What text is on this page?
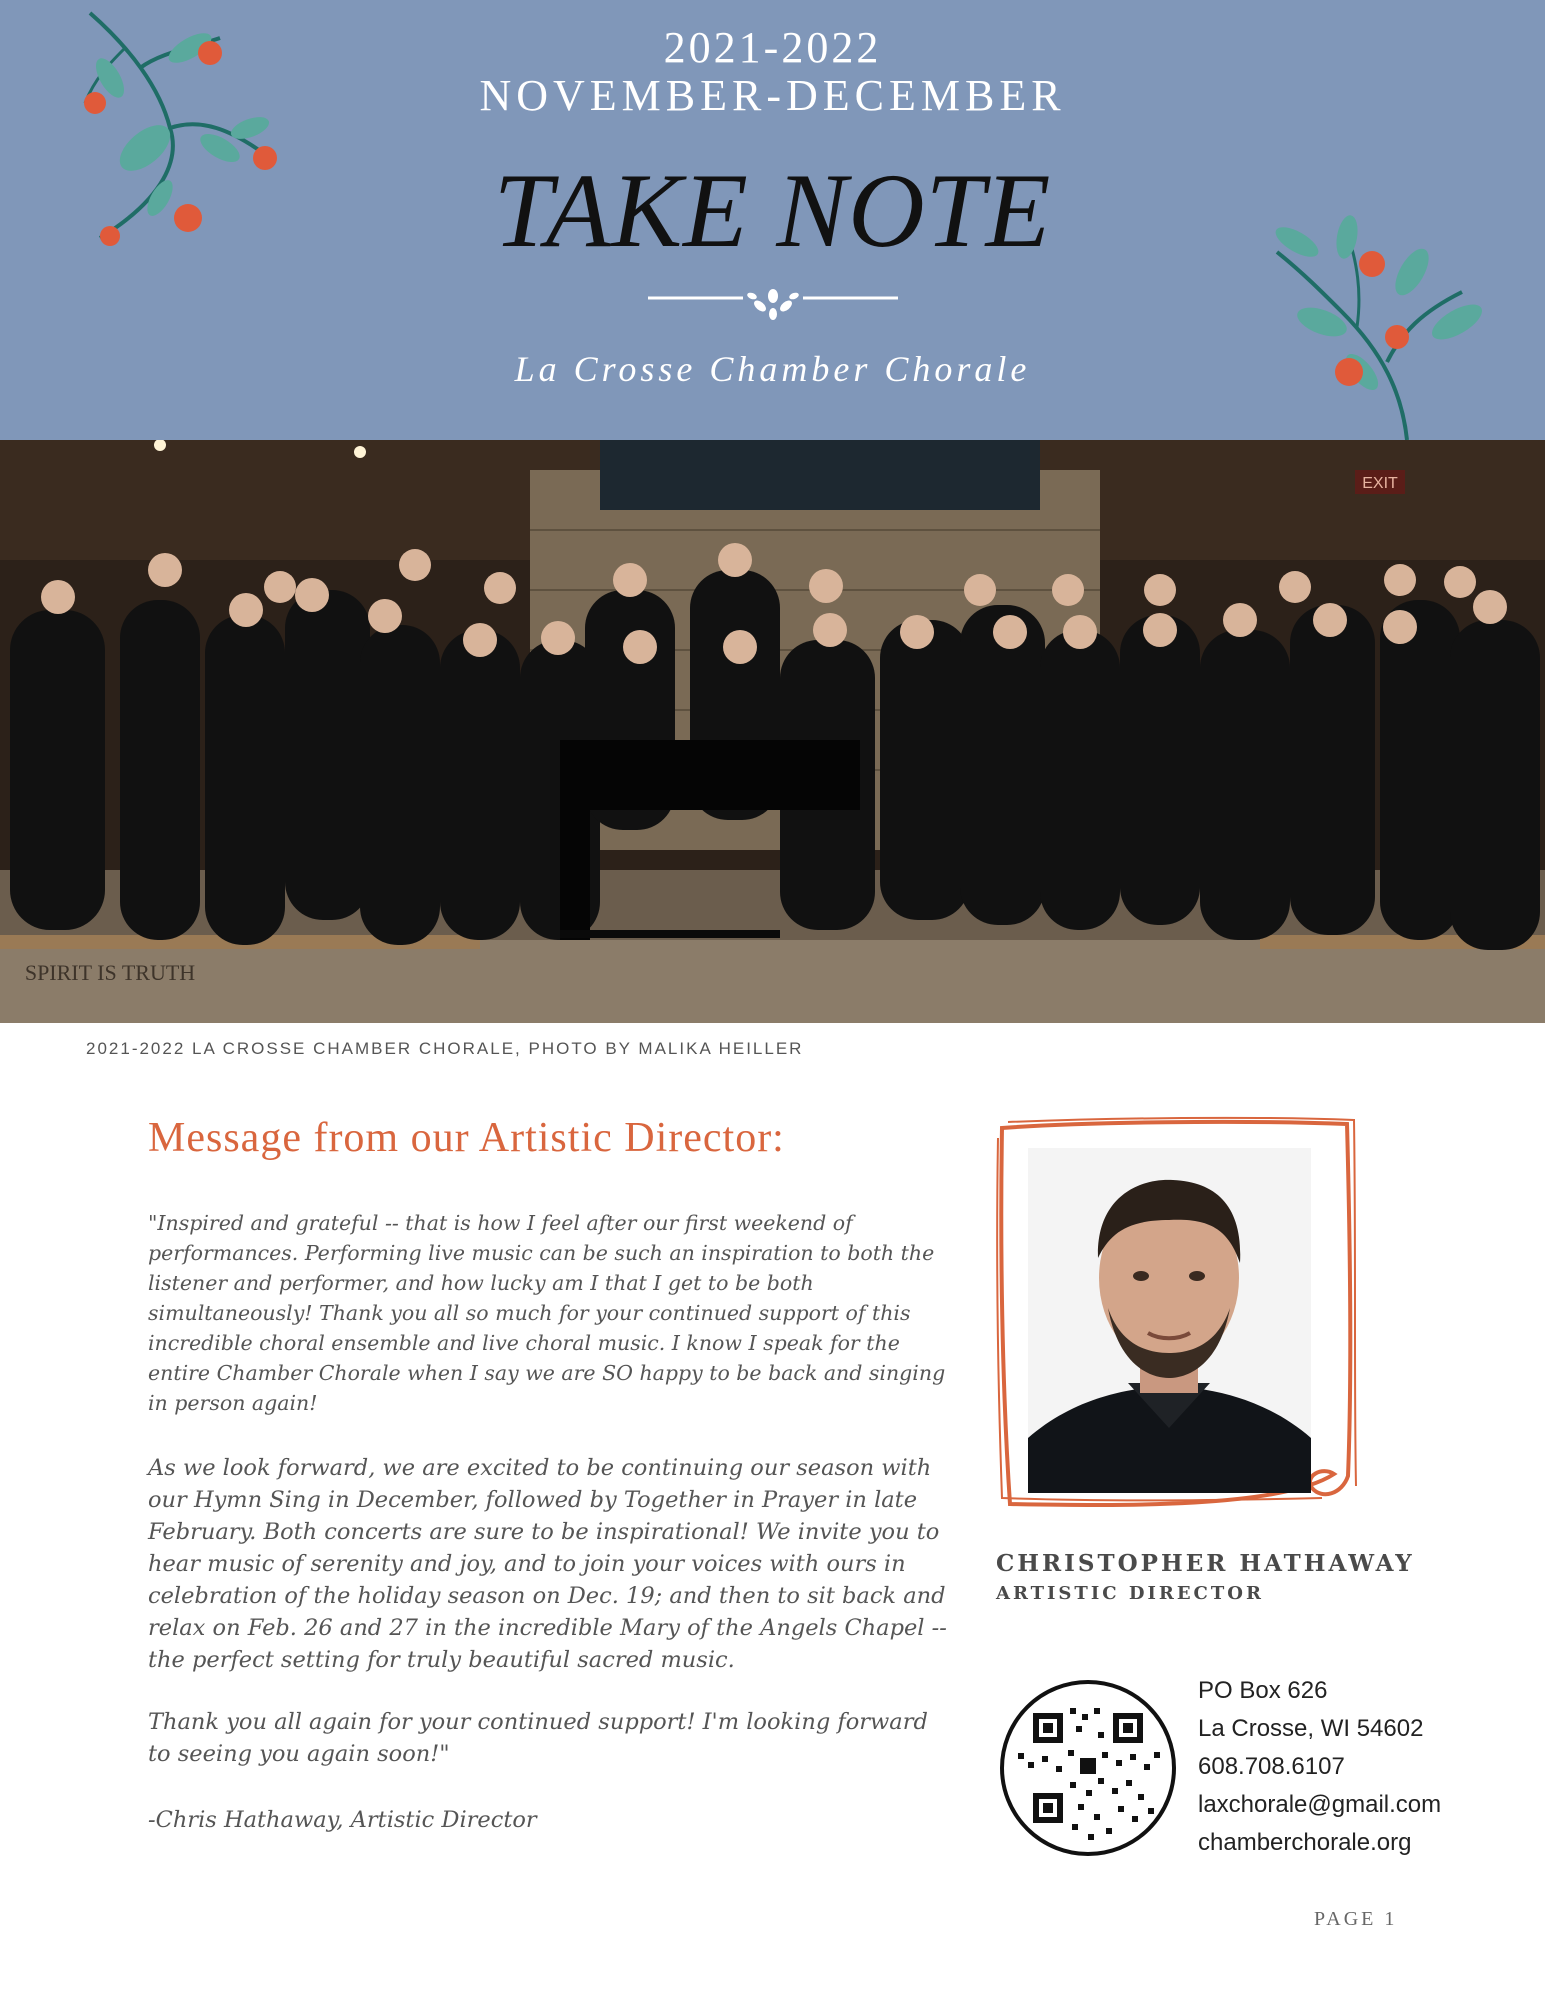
2021-2022
NOVEMBER-DECEMBER
TAKE NOTE
La Crosse Chamber Chorale
EXIT
SPIRIT IS TRUTH
2021-2022 LA CROSSE CHAMBER CHORALE, PHOTO BY MALIKA HEILLER
Message from our Artistic Director:

"Inspired and grateful -- that is how I feel after our first weekend of performances. Performing live music can be such an inspiration to both the listener and performer, and how lucky am I that I get to be both simultaneously! Thank you all so much for your continued support of this incredible choral ensemble and live choral music. I know I speak for the entire Chamber Chorale when I say we are SO happy to be back and singing in person again!

As we look forward, we are excited to be continuing our season with our Hymn Sing in December, followed by Together in Prayer in late February. Both concerts are sure to be inspirational! We invite you to hear music of serenity and joy, and to join your voices with ours in celebration of the holiday season on Dec. 19; and then to sit back and relax on Feb. 26 and 27 in the incredible Mary of the Angels Chapel -- the perfect setting for truly beautiful sacred music.

Thank you all again for your continued support! I'm looking forward to seeing you again soon!"

-Chris Hathaway, Artistic Director

CHRISTOPHER HATHAWAY
ARTISTIC DIRECTOR
PO Box 626
La Crosse, WI 54602
608.708.6107
laxchorale@gmail.com
chamberchorale.org
PAGE 1
